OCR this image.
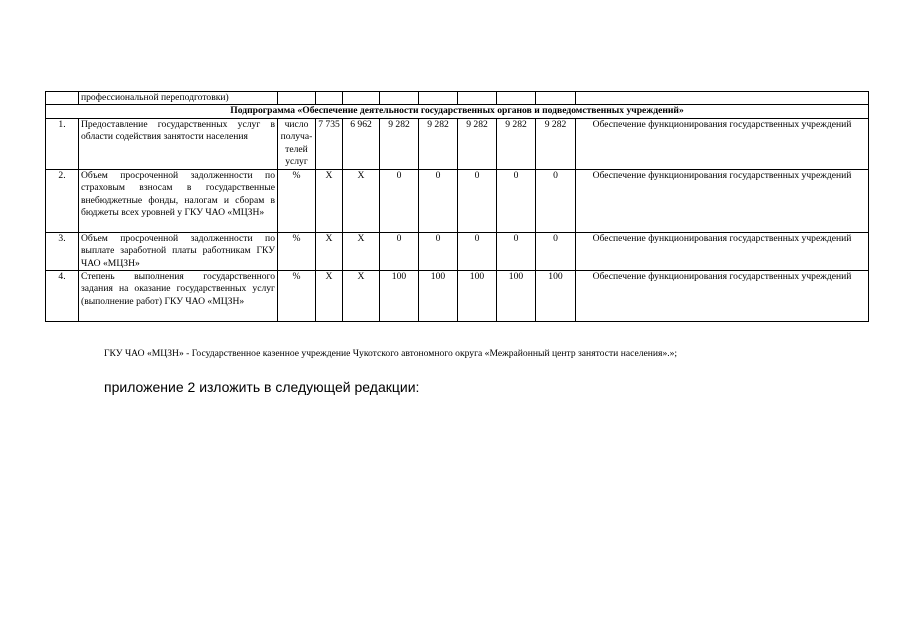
	профессиональной переподготовки)									
Подпрограмма «Обеспечение деятельности государственных органов и подведомственных учреждений»										
1.	Предоставление государственных услуг в области содействия занятости населения	число получа-телей услуг	7 735	6 962	9 282	9 282	9 282	9 282	9 282	Обеспечение функционирования государственных учреждений
2.	Объем просроченной задолженности по страховым взносам в государственные внебюджетные фонды, налогам и сборам в бюджеты всех уровней у ГКУ ЧАО «МЦЗН»	%	X	X	0	0	0	0	0	Обеспечение функционирования государственных учреждений
3.	Объем просроченной задолженности по выплате заработной платы работникам ГКУ ЧАО «МЦЗН»	%	X	X	0	0	0	0	0	Обеспечение функционирования государственных учреждений
4.	Степень выполнения государственного задания на оказание государственных услуг (выполнение работ) ГКУ ЧАО «МЦЗН»	%	X	X	100	100	100	100	100	Обеспечение функционирования государственных учреждений
ГКУ ЧАО «МЦЗН» - Государственное казенное учреждение Чукотского автономного округа «Межрайонный центр занятости населения».»;
приложение 2 изложить в следующей редакции:
